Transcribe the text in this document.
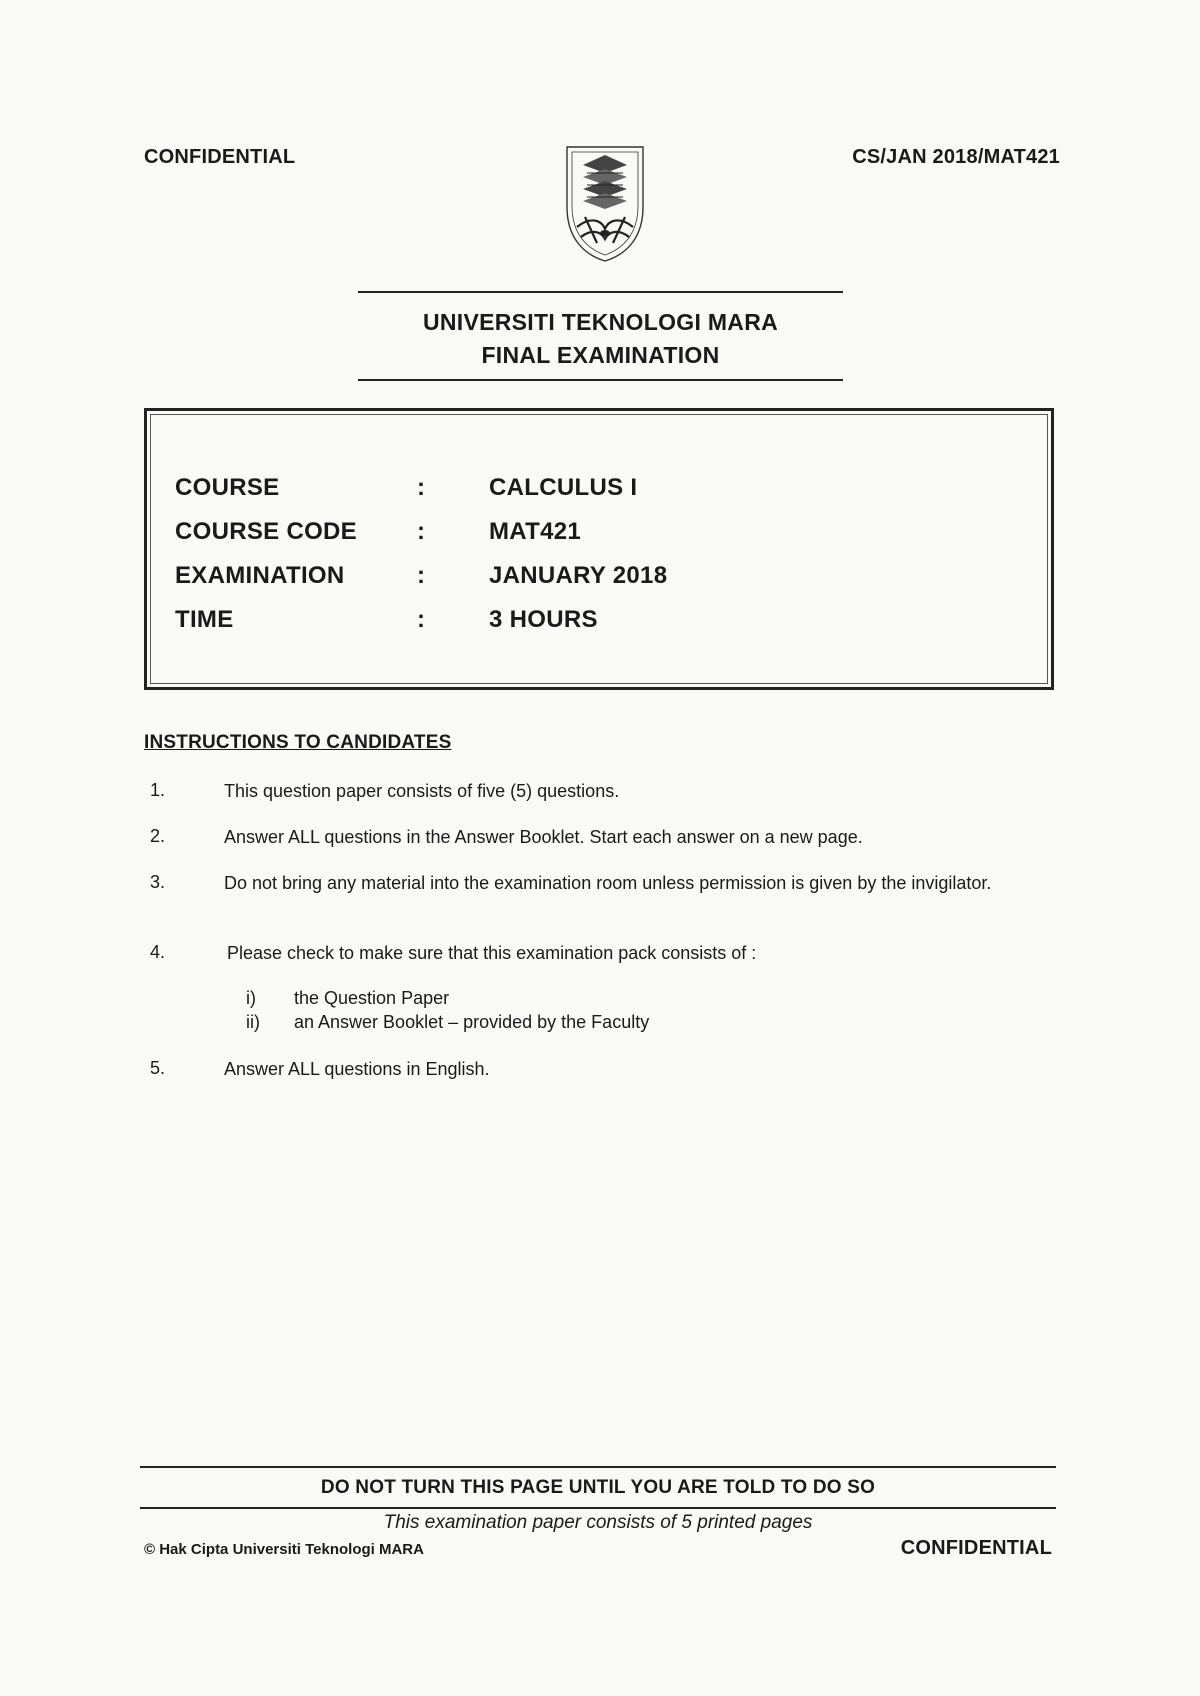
CONFIDENTIAL	CS/JAN 2018/MAT421
UNIVERSITI TEKNOLOGI MARA
FINAL EXAMINATION
COURSE	:	CALCULUS I
COURSE CODE	:	MAT421
EXAMINATION	:	JANUARY 2018
TIME	:	3 HOURS
INSTRUCTIONS TO CANDIDATES
1.	This question paper consists of five (5) questions.
2.	Answer ALL questions in the Answer Booklet. Start each answer on a new page.
3.	Do not bring any material into the examination room unless permission is given by the invigilator.
4.	Please check to make sure that this examination pack consists of :
i) the Question Paper
ii) an Answer Booklet – provided by the Faculty
5.	Answer ALL questions in English.
DO NOT TURN THIS PAGE UNTIL YOU ARE TOLD TO DO SO
This examination paper consists of 5 printed pages
© Hak Cipta Universiti Teknologi MARA	CONFIDENTIAL
